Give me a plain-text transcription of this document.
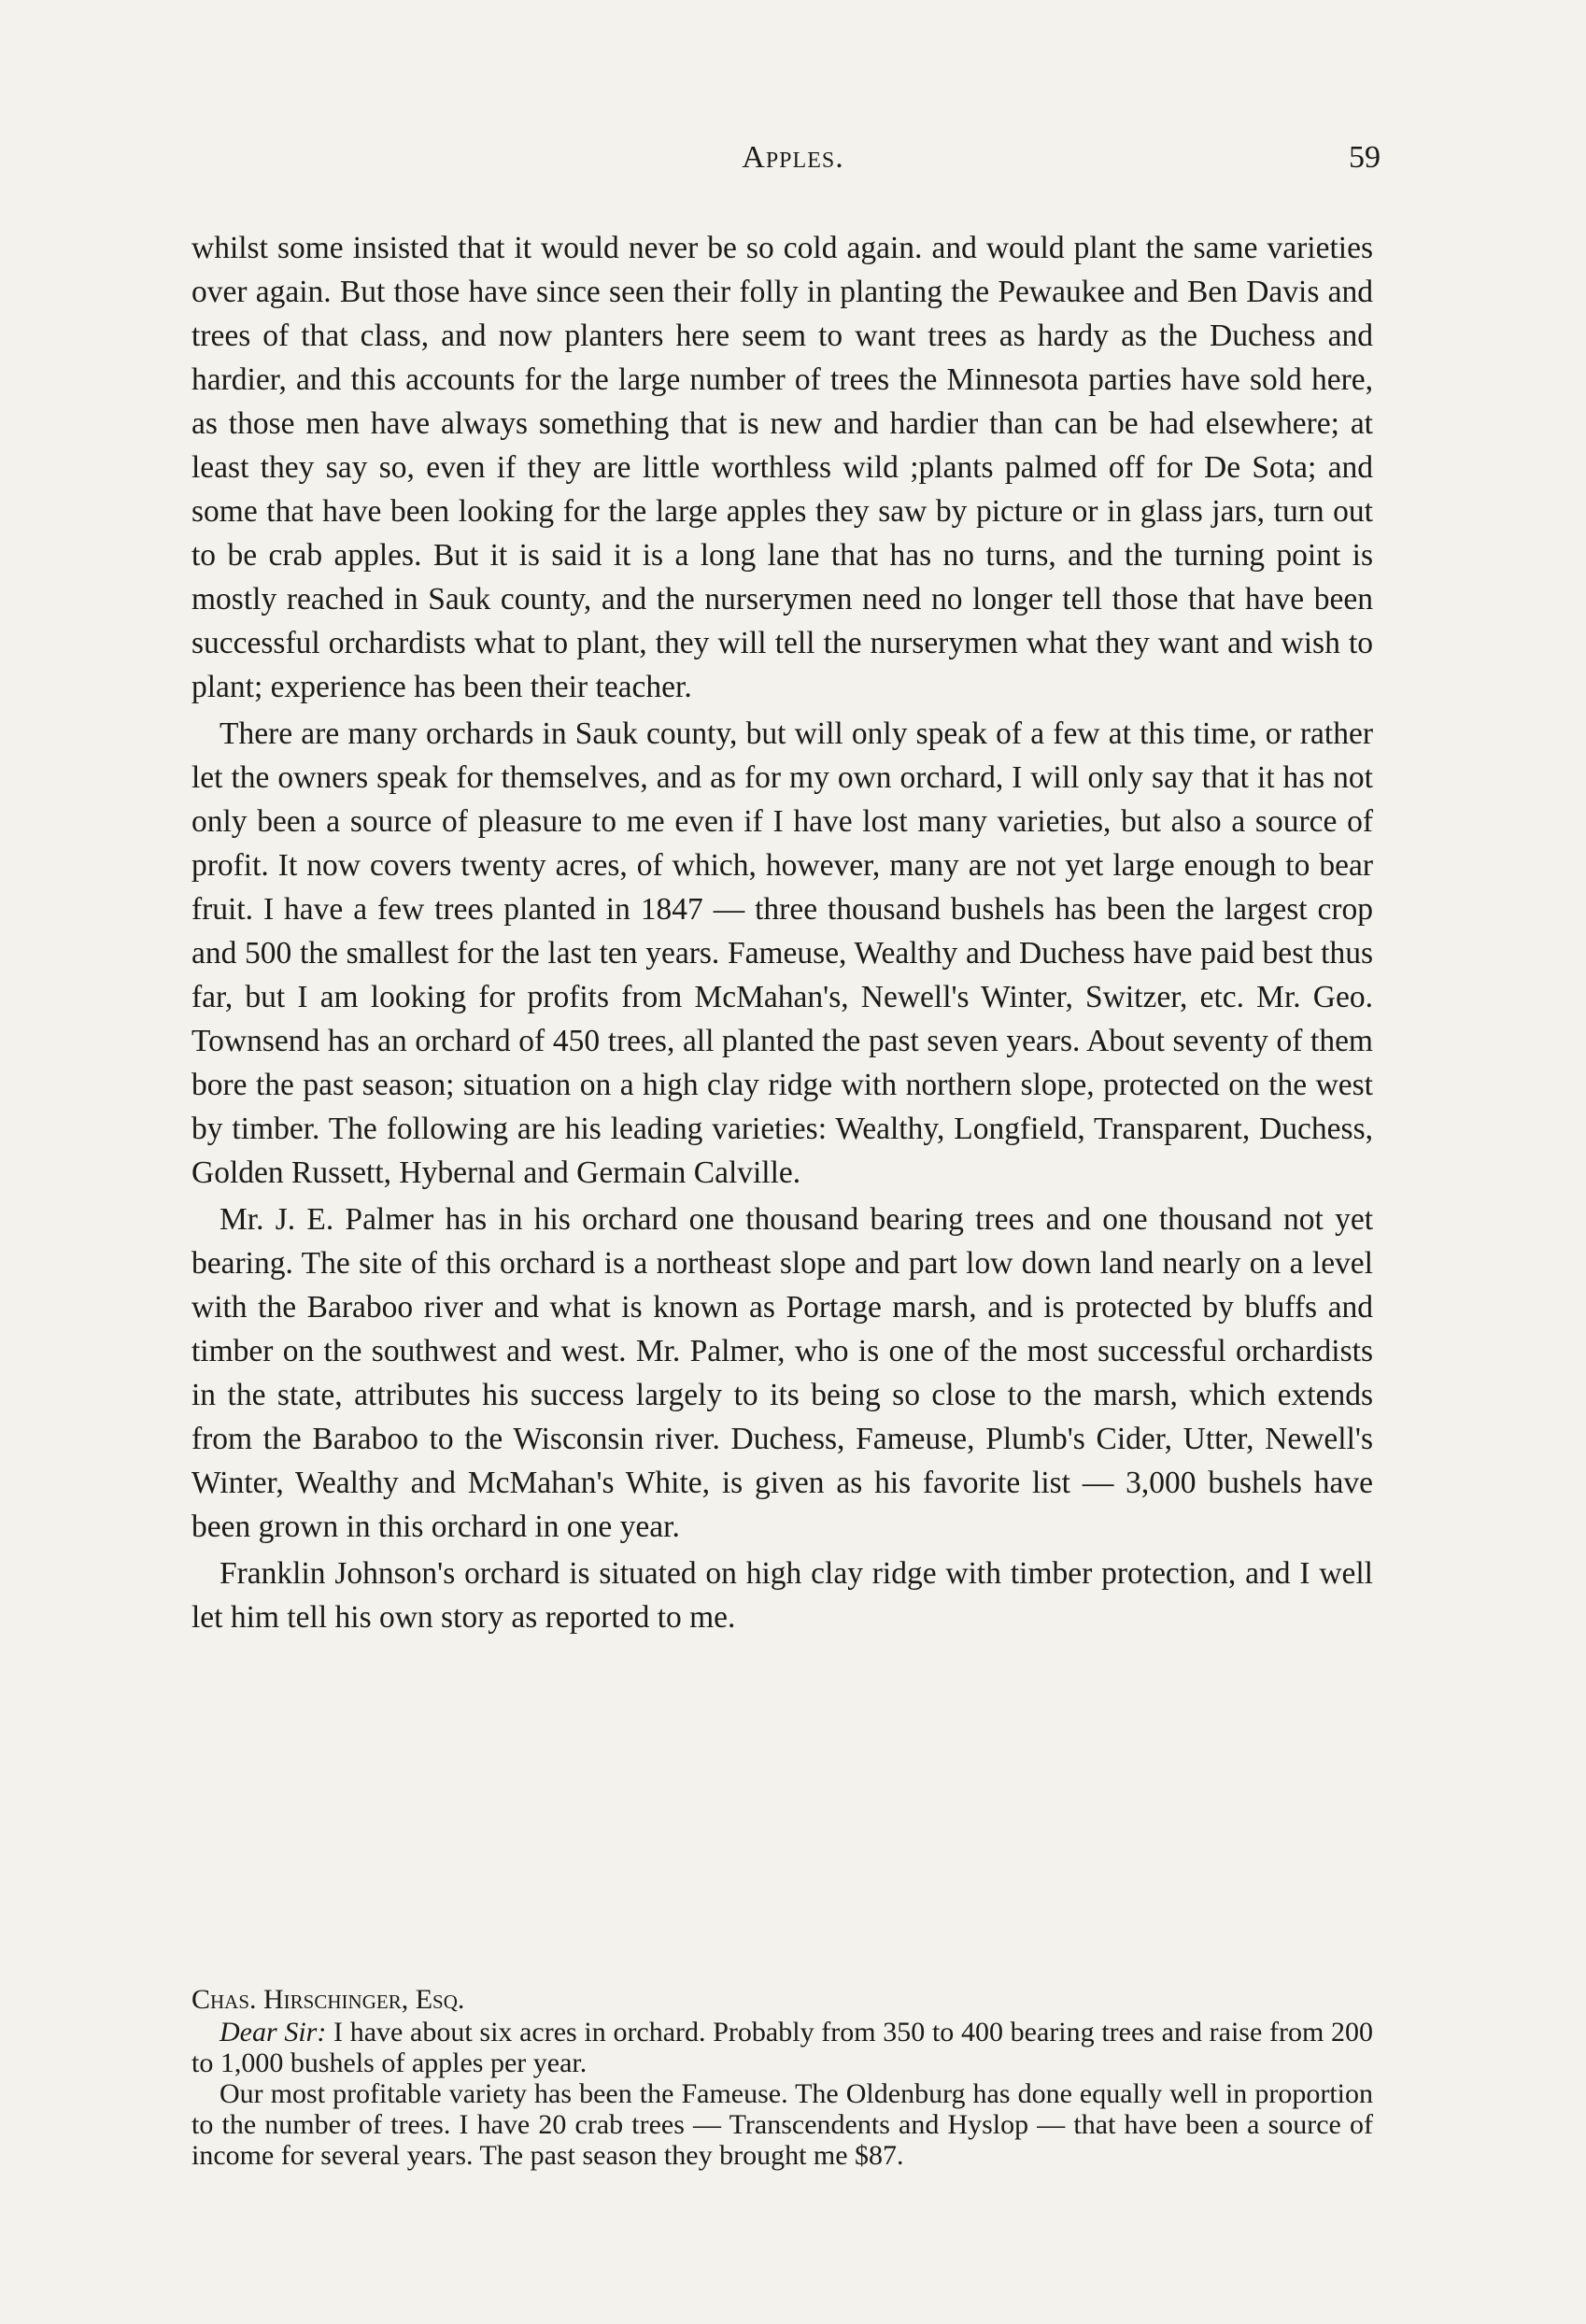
Apples.	59

whilst some insisted that it would never be so cold again. and would plant the same varieties over again. But those have since seen their folly in planting the Pewaukee and Ben Davis and trees of that class, and now planters here seem to want trees as hardy as the Duchess and hardier, and this accounts for the large number of trees the Minnesota parties have sold here, as those men have always something that is new and hardier than can be had elsewhere; at least they say so, even if they are little worthless wild ;plants palmed off for De Sota; and some that have been looking for the large apples they saw by picture or in glass jars, turn out to be crab apples. But it is said it is a long lane that has no turns, and the turning point is mostly reached in Sauk county, and the nurserymen need no longer tell those that have been successful orchardists what to plant, they will tell the nurserymen what they want and wish to plant; experience has been their teacher.

There are many orchards in Sauk county, but will only speak of a few at this time, or rather let the owners speak for themselves, and as for my own orchard, I will only say that it has not only been a source of pleasure to me even if I have lost many varieties, but also a source of profit. It now covers twenty acres, of which, however, many are not yet large enough to bear fruit. I have a few trees planted in 1847 — three thousand bushels has been the largest crop and 500 the smallest for the last ten years. Fameuse, Wealthy and Duchess have paid best thus far, but I am looking for profits from McMahan's, Newell's Winter, Switzer, etc. Mr. Geo. Townsend has an orchard of 450 trees, all planted the past seven years. About seventy of them bore the past season; situation on a high clay ridge with northern slope, protected on the west by timber. The following are his leading varieties: Wealthy, Longfield, Transparent, Duchess, Golden Russett, Hybernal and Germain Calville.

Mr. J. E. Palmer has in his orchard one thousand bearing trees and one thousand not yet bearing. The site of this orchard is a northeast slope and part low down land nearly on a level with the Baraboo river and what is known as Portage marsh, and is protected by bluffs and timber on the southwest and west. Mr. Palmer, who is one of the most successful orchardists in the state, attributes his success largely to its being so close to the marsh, which extends from the Baraboo to the Wisconsin river. Duchess, Fameuse, Plumb's Cider, Utter, Newell's Winter, Wealthy and McMahan's White, is given as his favorite list — 3,000 bushels have been grown in this orchard in one year.

Franklin Johnson's orchard is situated on high clay ridge with timber protection, and I well let him tell his own story as reported to me.

Chas. Hirschinger, Esq.

Dear Sir: I have about six acres in orchard. Probably from 350 to 400 bearing trees and raise from 200 to 1,000 bushels of apples per year.

Our most profitable variety has been the Fameuse. The Oldenburg has done equally well in proportion to the number of trees. I have 20 crab trees — Transcendents and Hyslop — that have been a source of income for several years. The past season they brought me $87.
